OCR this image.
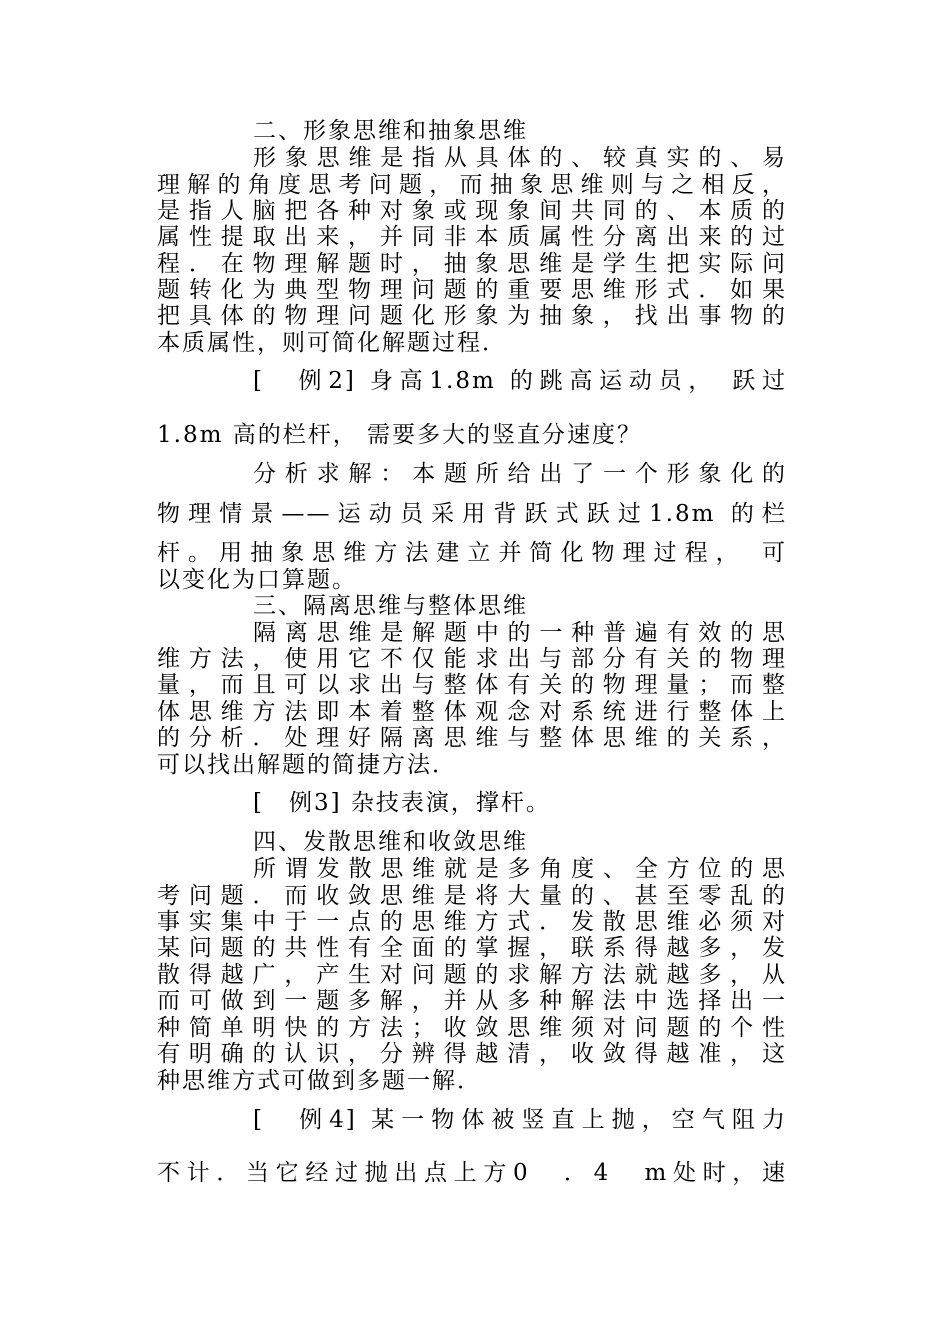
二、形象思维和抽象思维
形象思维是指从具体的、较真实的、易
理解的角度思考问题，而抽象思维则与之相反，
是指人脑把各种对象或现象间共同的、本质的
属性提取出来，并同非本质属性分离出来的过
程．在物理解题时，抽象思维是学生把实际问
题转化为典型物理问题的重要思维形式．如果
把具体的物理问题化形象为抽象，找出事物的
本质属性，则可简化解题过程．
[　例2] 身高1.8m 的跳高运动员， 跃过
1.8m 高的栏杆， 需要多大的竖直分速度？
分析求解：本题所给出了一个形象化的
物理情景——运动员采用背跃式跃过1.8m 的栏
杆。用抽象思维方法建立并简化物理过程， 可
以变化为口算题。
三、隔离思维与整体思维
隔离思维是解题中的一种普遍有效的思
维方法，使用它不仅能求出与部分有关的物理
量，而且可以求出与整体有关的物理量；而整
体思维方法即本着整体观念对系统进行整体上
的分析．处理好隔离思维与整体思维的关系，
可以找出解题的简捷方法．
[　例3] 杂技表演，撑杆。
四、发散思维和收敛思维
所谓发散思维就是多角度、全方位的思
考问题．而收敛思维是将大量的、甚至零乱的
事实集中于一点的思维方式．发散思维必须对
某问题的共性有全面的掌握，联系得越多，发
散得越广，产生对问题的求解方法就越多，从
而可做到一题多解，并从多种解法中选择出一
种简单明快的方法；收敛思维须对问题的个性
有明确的认识，分辨得越清，收敛得越准，这
种思维方式可做到多题一解．
[　例4] 某一物体被竖直上抛，空气阻力
不计．当它经过抛出点上方0　．4　m处时，速
